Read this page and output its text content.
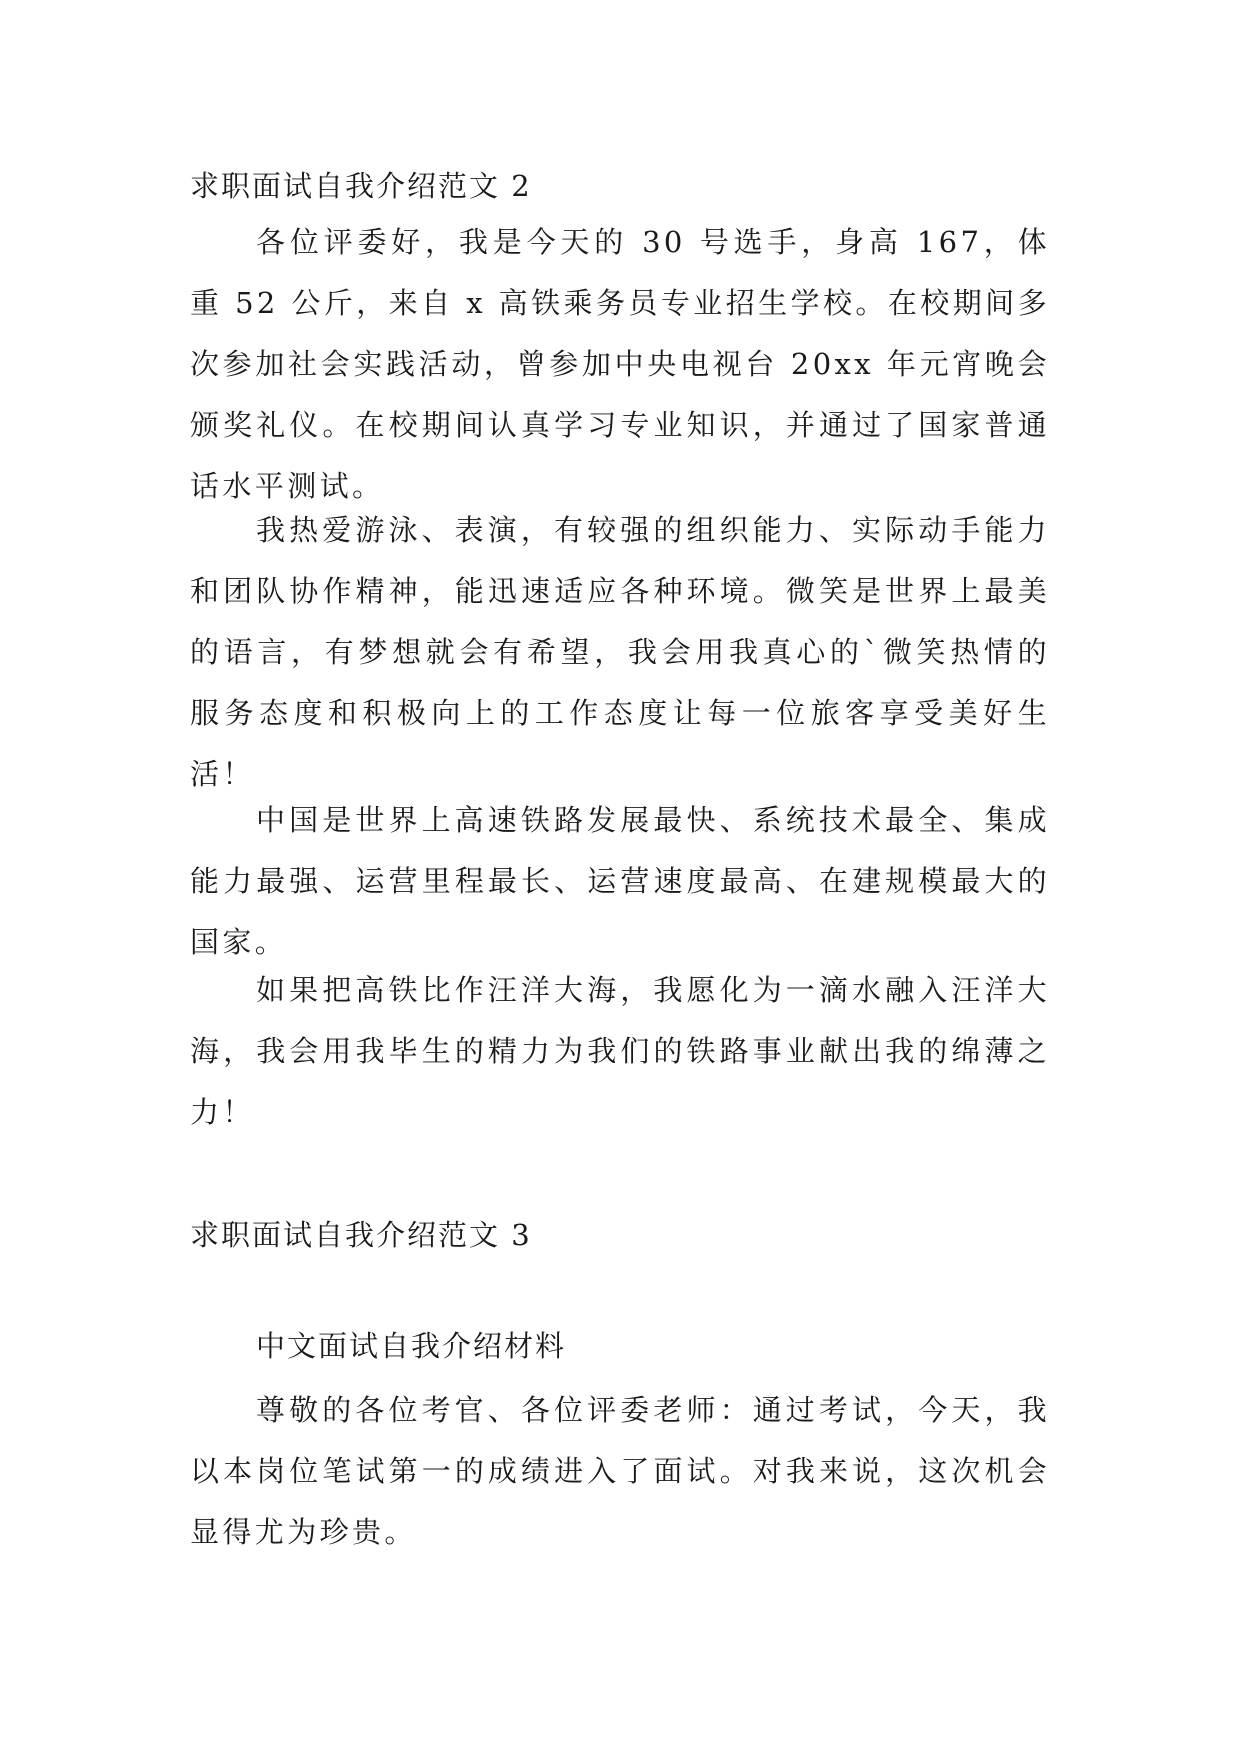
求职面试自我介绍范文 2

各位评委好，我是今天的 30 号选手，身高 167，体重 52 公斤，来自 x 高铁乘务员专业招生学校。在校期间多次参加社会实践活动，曾参加中央电视台 20xx 年元宵晚会颁奖礼仪。在校期间认真学习专业知识，并通过了国家普通话水平测试。

我热爱游泳、表演，有较强的组织能力、实际动手能力和团队协作精神，能迅速适应各种环境。微笑是世界上最美的语言，有梦想就会有希望，我会用我真心的`微笑热情的服务态度和积极向上的工作态度让每一位旅客享受美好生活！

中国是世界上高速铁路发展最快、系统技术最全、集成能力最强、运营里程最长、运营速度最高、在建规模最大的国家。

如果把高铁比作汪洋大海，我愿化为一滴水融入汪洋大海，我会用我毕生的精力为我们的铁路事业献出我的绵薄之力！

求职面试自我介绍范文 3
中文面试自我介绍材料

尊敬的各位考官、各位评委老师：通过考试，今天，我以本岗位笔试第一的成绩进入了面试。对我来说，这次机会显得尤为珍贵。
